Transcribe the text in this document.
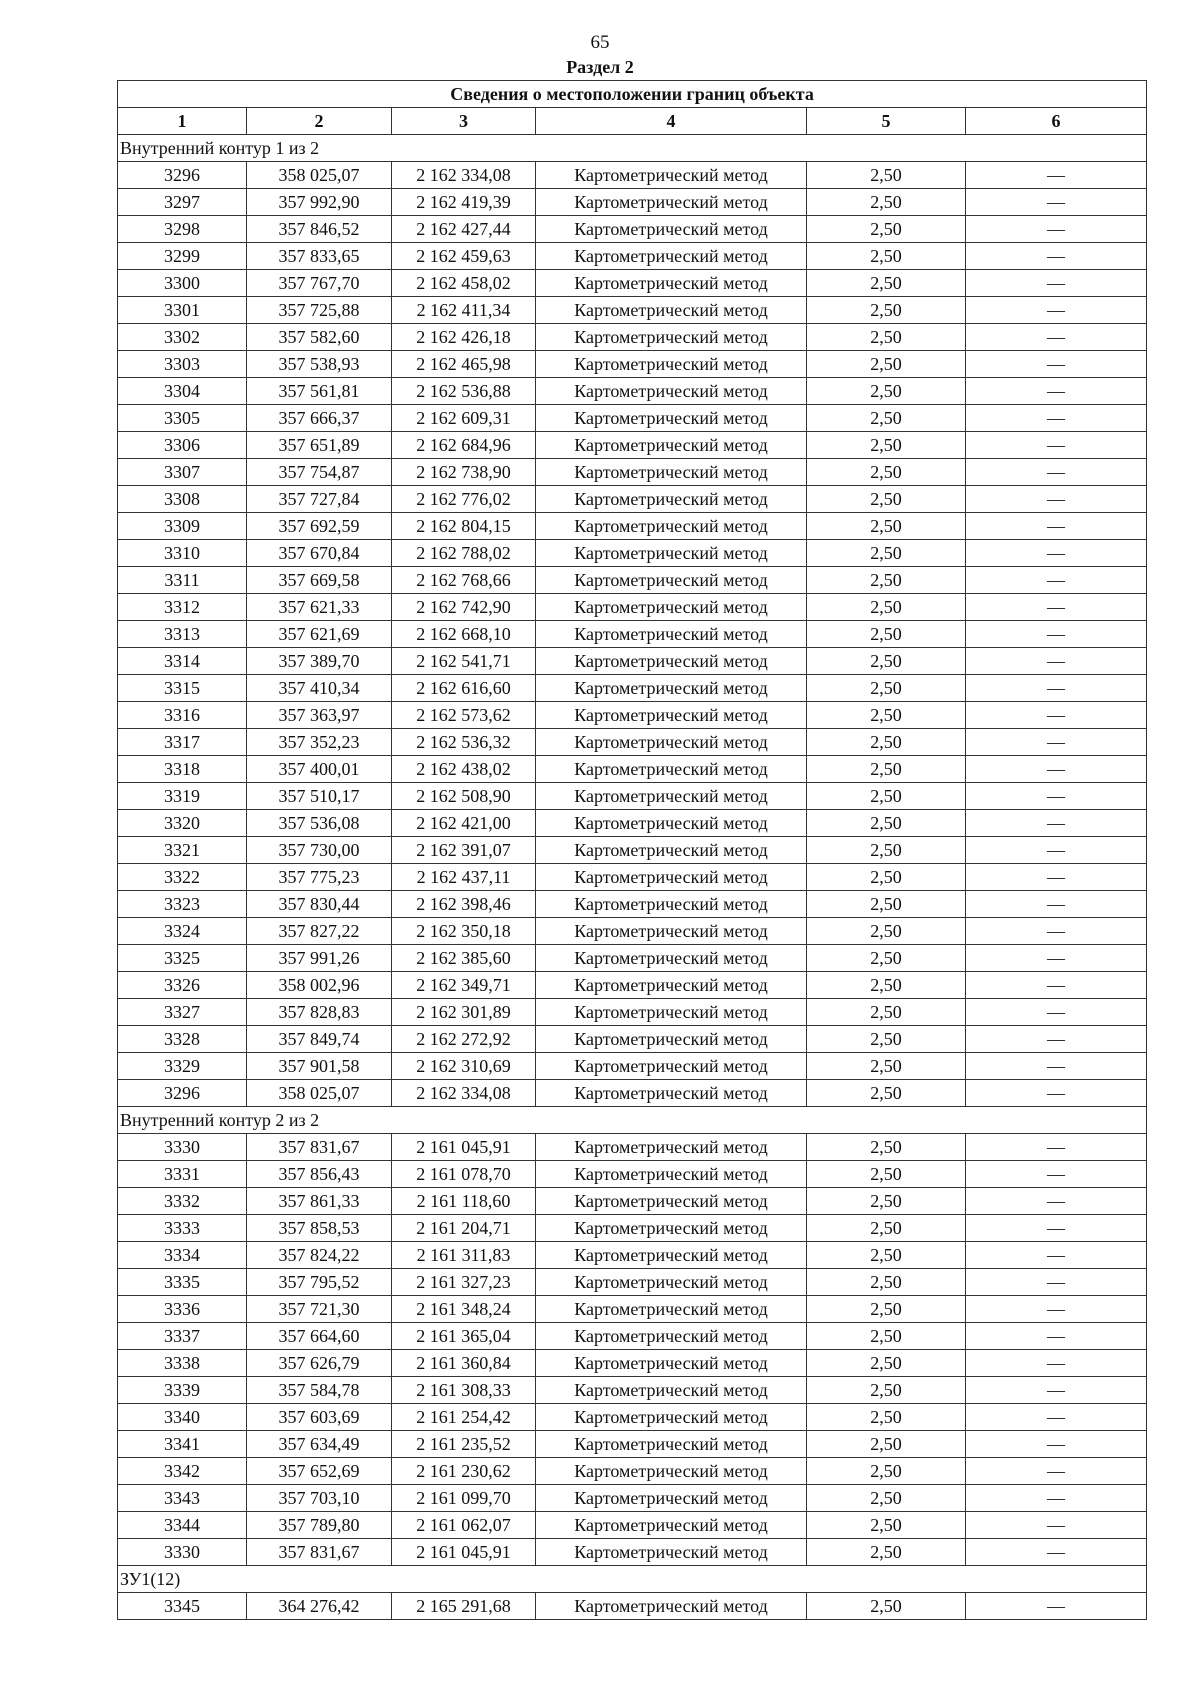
65
Раздел 2
Сведения о местоположении границ объекта					
1	2	3	4	5	6
Внутренний контур 1 из 2					
3296	358 025,07	2 162 334,08	Картометрический метод	2,50	—
3297	357 992,90	2 162 419,39	Картометрический метод	2,50	—
3298	357 846,52	2 162 427,44	Картометрический метод	2,50	—
3299	357 833,65	2 162 459,63	Картометрический метод	2,50	—
3300	357 767,70	2 162 458,02	Картометрический метод	2,50	—
3301	357 725,88	2 162 411,34	Картометрический метод	2,50	—
3302	357 582,60	2 162 426,18	Картометрический метод	2,50	—
3303	357 538,93	2 162 465,98	Картометрический метод	2,50	—
3304	357 561,81	2 162 536,88	Картометрический метод	2,50	—
3305	357 666,37	2 162 609,31	Картометрический метод	2,50	—
3306	357 651,89	2 162 684,96	Картометрический метод	2,50	—
3307	357 754,87	2 162 738,90	Картометрический метод	2,50	—
3308	357 727,84	2 162 776,02	Картометрический метод	2,50	—
3309	357 692,59	2 162 804,15	Картометрический метод	2,50	—
3310	357 670,84	2 162 788,02	Картометрический метод	2,50	—
3311	357 669,58	2 162 768,66	Картометрический метод	2,50	—
3312	357 621,33	2 162 742,90	Картометрический метод	2,50	—
3313	357 621,69	2 162 668,10	Картометрический метод	2,50	—
3314	357 389,70	2 162 541,71	Картометрический метод	2,50	—
3315	357 410,34	2 162 616,60	Картометрический метод	2,50	—
3316	357 363,97	2 162 573,62	Картометрический метод	2,50	—
3317	357 352,23	2 162 536,32	Картометрический метод	2,50	—
3318	357 400,01	2 162 438,02	Картометрический метод	2,50	—
3319	357 510,17	2 162 508,90	Картометрический метод	2,50	—
3320	357 536,08	2 162 421,00	Картометрический метод	2,50	—
3321	357 730,00	2 162 391,07	Картометрический метод	2,50	—
3322	357 775,23	2 162 437,11	Картометрический метод	2,50	—
3323	357 830,44	2 162 398,46	Картометрический метод	2,50	—
3324	357 827,22	2 162 350,18	Картометрический метод	2,50	—
3325	357 991,26	2 162 385,60	Картометрический метод	2,50	—
3326	358 002,96	2 162 349,71	Картометрический метод	2,50	—
3327	357 828,83	2 162 301,89	Картометрический метод	2,50	—
3328	357 849,74	2 162 272,92	Картометрический метод	2,50	—
3329	357 901,58	2 162 310,69	Картометрический метод	2,50	—
3296	358 025,07	2 162 334,08	Картометрический метод	2,50	—
Внутренний контур 2 из 2					
3330	357 831,67	2 161 045,91	Картометрический метод	2,50	—
3331	357 856,43	2 161 078,70	Картометрический метод	2,50	—
3332	357 861,33	2 161 118,60	Картометрический метод	2,50	—
3333	357 858,53	2 161 204,71	Картометрический метод	2,50	—
3334	357 824,22	2 161 311,83	Картометрический метод	2,50	—
3335	357 795,52	2 161 327,23	Картометрический метод	2,50	—
3336	357 721,30	2 161 348,24	Картометрический метод	2,50	—
3337	357 664,60	2 161 365,04	Картометрический метод	2,50	—
3338	357 626,79	2 161 360,84	Картометрический метод	2,50	—
3339	357 584,78	2 161 308,33	Картометрический метод	2,50	—
3340	357 603,69	2 161 254,42	Картометрический метод	2,50	—
3341	357 634,49	2 161 235,52	Картометрический метод	2,50	—
3342	357 652,69	2 161 230,62	Картометрический метод	2,50	—
3343	357 703,10	2 161 099,70	Картометрический метод	2,50	—
3344	357 789,80	2 161 062,07	Картометрический метод	2,50	—
3330	357 831,67	2 161 045,91	Картометрический метод	2,50	—
ЗУ1(12)					
3345	364 276,42	2 165 291,68	Картометрический метод	2,50	—
